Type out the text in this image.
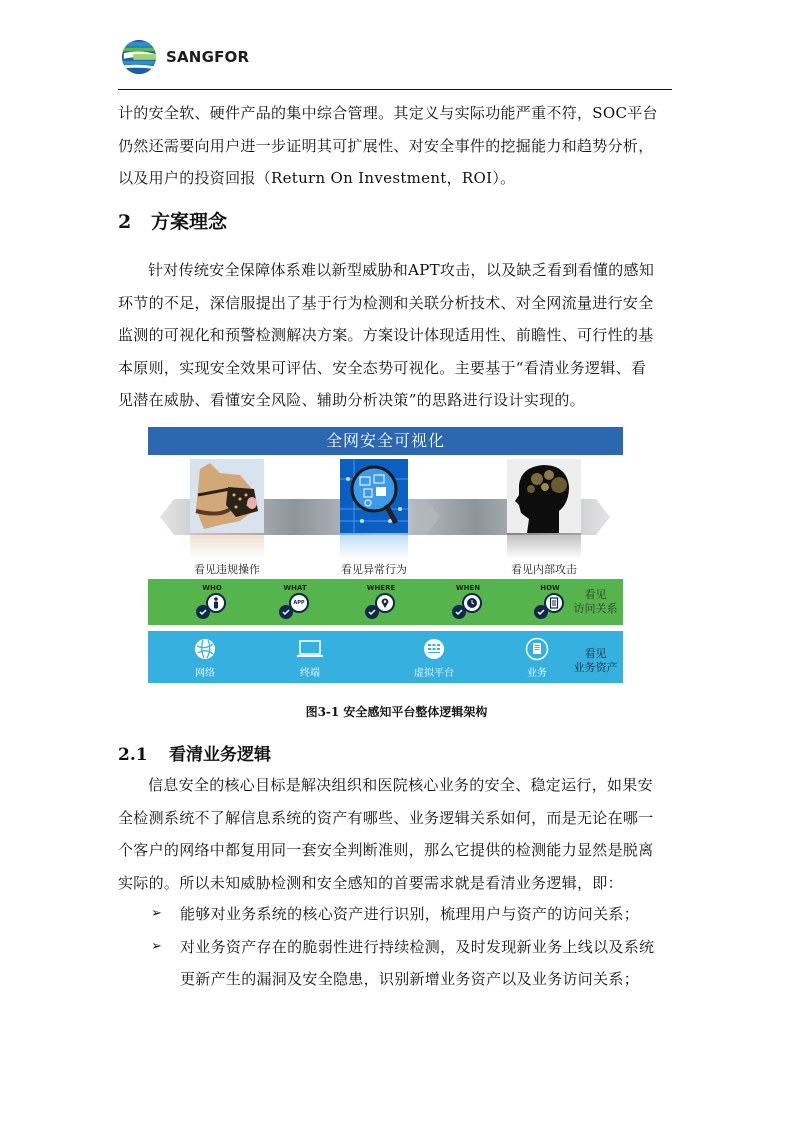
SANGFOR

计的安全软、硬件产品的集中综合管理。其定义与实际功能严重不符，SOC平台
仍然还需要向用户进一步证明其可扩展性、对安全事件的挖掘能力和趋势分析，
以及用户的投资回报（Return On Investment，ROI）。

2 方案理念

针对传统安全保障体系难以新型威胁和APT攻击，以及缺乏看到看懂的感知
环节的不足，深信服提出了基于行为检测和关联分析技术、对全网流量进行安全
监测的可视化和预警检测解决方案。方案设计体现适用性、前瞻性、可行性的基
本原则，实现安全效果可评估、安全态势可视化。主要基于“看清业务逻辑、看
见潜在威胁、看懂安全风险、辅助分析决策”的思路进行设计实现的。

全网安全可视化
看见违规操作	看见异常行为	看见内部攻击
WHO	WHAT
APP
WHERE	WHEN	HOW	看见
访问关系
网络	终端	虚拟平台	业务
看见
业务资产
图3-1 安全感知平台整体逻辑架构
2.1 看清业务逻辑

信息安全的核心目标是解决组织和医院核心业务的安全、稳定运行，如果安
全检测系统不了解信息系统的资产有哪些、业务逻辑关系如何，而是无论在哪一
个客户的网络中都复用同一套安全判断准则，那么它提供的检测能力显然是脱离
实际的。所以未知威胁检测和安全感知的首要需求就是看清业务逻辑，即：

➢ 能够对业务系统的核心资产进行识别，梳理用户与资产的访问关系；
➢ 对业务资产存在的脆弱性进行持续检测，及时发现新业务上线以及系统
更新产生的漏洞及安全隐患，识别新增业务资产以及业务访问关系；
